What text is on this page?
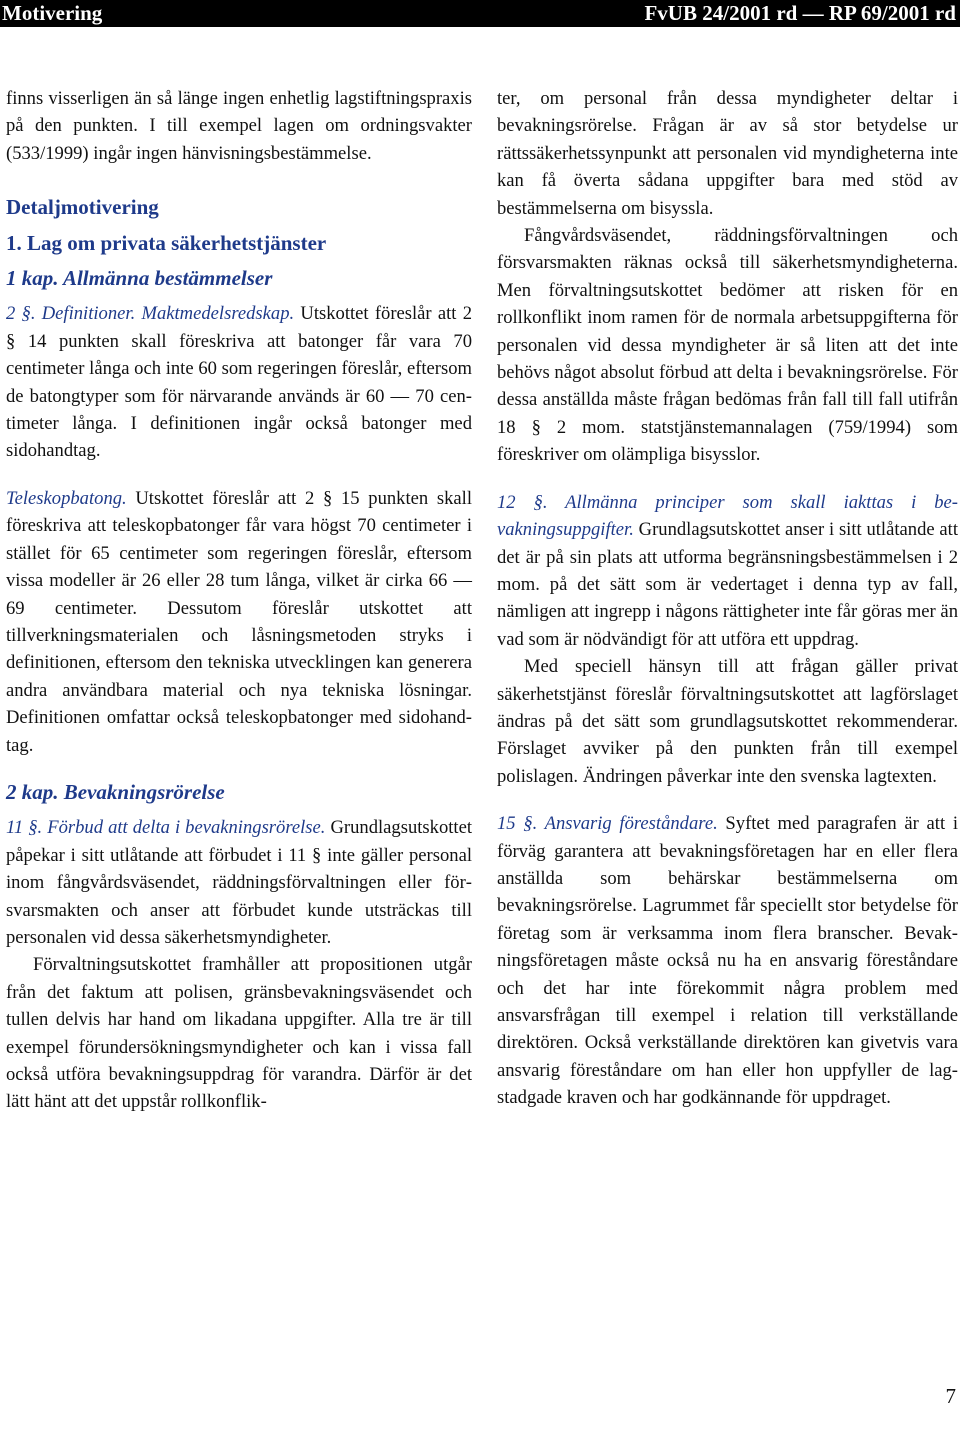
Motivering	FvUB 24/2001 rd — RP 69/2001 rd

finns visserligen än så länge ingen enhetlig lagstiftningspraxis på den punkten. I till exempel lagen om ordningsvakter (533/1999) ingår ingen hänvisningsbestämmelse.

Detaljmotivering
1. Lag om privata säkerhetstjänster
1 kap. Allmänna bestämmelser

2 §. Definitioner. Maktmedelsredskap. Utskottet föreslår att 2 § 14 punkten skall föreskriva att batonger får vara 70 centimeter långa och inte 60 som regeringen föreslår, eftersom de batongtyper som för närvarande används är 60 — 70 centimeter långa. I definitionen ingår också batonger med sidohandtag.

Teleskopbatong. Utskottet föreslår att 2 § 15 punkten skall föreskriva att teleskopbatonger får vara högst 70 centimeter i stället för 65 centimeter som regeringen föreslår, eftersom vissa modeller är 26 eller 28 tum långa, vilket är cirka 66 — 69 centimeter. Dessutom föreslår utskottet att tillverkningsmaterialen och låsningsmetoden stryks i definitionen, eftersom den tekniska utvecklingen kan generera andra användbara material och nya tekniska lösningar. Definitionen omfattar också teleskopbatonger med sidohandtag.

2 kap. Bevakningsrörelse

11 §. Förbud att delta i bevakningsrörelse. Grundlagsutskottet påpekar i sitt utlåtande att förbudet i 11 § inte gäller personal inom fångvårdsväsendet, räddningsförvaltningen eller försvarsmakten och anser att förbudet kunde utsträckas till personalen vid dessa säkerhetsmyndigheter.

Förvaltningsutskottet framhåller att propositionen utgår från det faktum att polisen, gränsbevakningsväsendet och tullen delvis har hand om likadana uppgifter. Alla tre är till exempel förundersökningsmyndigheter och kan i vissa fall också utföra bevakningsuppdrag för varandra. Därför är det lätt hänt att det uppstår rollkonflik-

ter, om personal från dessa myndigheter deltar i bevakningsrörelse. Frågan är av så stor betydelse ur rättssäkerhetssynpunkt att personalen vid myndigheterna inte kan få överta sådana uppgifter bara med stöd av bestämmelserna om bisyssla.

Fångvårdsväsendet, räddningsförvaltningen och försvarsmakten räknas också till säkerhetsmyndigheterna. Men förvaltningsutskottet bedömer att risken för en rollkonflikt inom ramen för de normala arbetsuppgifterna för personalen vid dessa myndigheter är så liten att det inte behövs något absolut förbud att delta i bevakningsrörelse. För dessa anställda måste frågan bedömas från fall till fall utifrån 18 § 2 mom. statstjänstemannalagen (759/1994) som föreskriver om olämpliga bisysslor.

12 §. Allmänna principer som skall iakttas i bevakningsuppgifter. Grundlagsutskottet anser i sitt utlåtande att det är på sin plats att utforma begränsningsbestämmelsen i 2 mom. på det sätt som är vedertaget i denna typ av fall, nämligen att ingrepp i någons rättigheter inte får göras mer än vad som är nödvändigt för att utföra ett uppdrag.

Med speciell hänsyn till att frågan gäller privat säkerhetstjänst föreslår förvaltningsutskottet att lagförslaget ändras på det sätt som grundlagsutskottet rekommenderar. Förslaget avviker på den punkten från till exempel polislagen. Ändringen påverkar inte den svenska lagtexten.

15 §. Ansvarig föreståndare. Syftet med paragrafen är att i förväg garantera att bevakningsföretagen har en eller flera anställda som behärskar bestämmelserna om bevakningsrörelse. Lagrummet får speciellt stor betydelse för företag som är verksamma inom flera branscher. Bevakningsföretagen måste också nu ha en ansvarig föreståndare och det har inte förekommit några problem med ansvarsfrågan till exempel i relation till verkställande direktören. Också verkställande direktören kan givetvis vara ansvarig föreståndare om han eller hon uppfyller de lagstadgade kraven och har godkännande för uppdraget.

7
